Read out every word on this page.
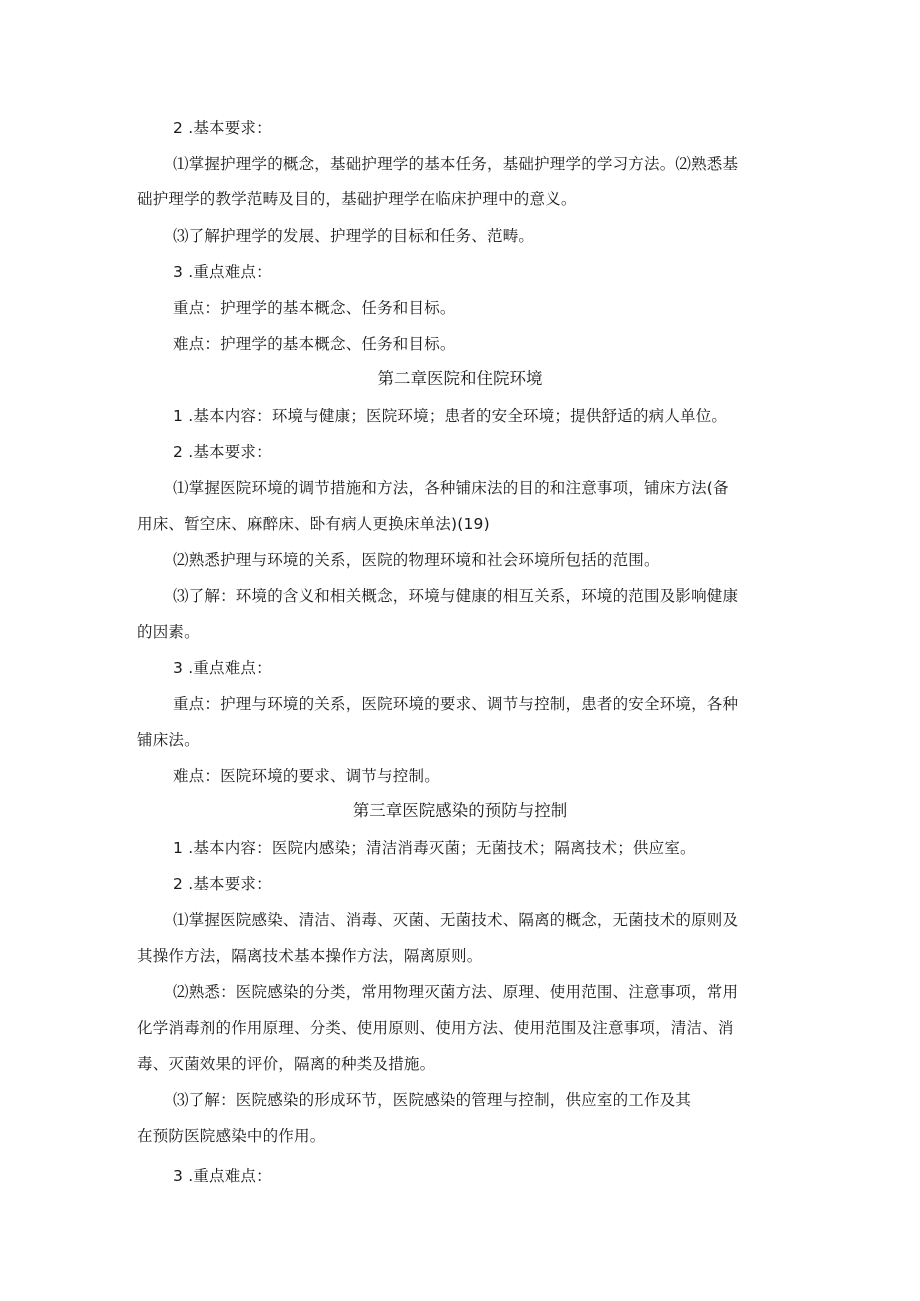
2 .基本要求：
⑴掌握护理学的概念，基础护理学的基本任务，基础护理学的学习方法。⑵熟悉基
础护理学的教学范畴及目的，基础护理学在临床护理中的意义。
⑶了解护理学的发展、护理学的目标和任务、范畴。
3 .重点难点：
重点：护理学的基本概念、任务和目标。
难点：护理学的基本概念、任务和目标。
第二章医院和住院环境
1 .基本内容：环境与健康；医院环境；患者的安全环境；提供舒适的病人单位。
2 .基本要求：
⑴掌握医院环境的调节措施和方法，各种铺床法的目的和注意事项，铺床方法(备
用床、暂空床、麻醉床、卧有病人更换床单法)(19)
⑵熟悉护理与环境的关系，医院的物理环境和社会环境所包括的范围。
⑶了解：环境的含义和相关概念，环境与健康的相互关系，环境的范围及影响健康
的因素。
3 .重点难点：
重点：护理与环境的关系，医院环境的要求、调节与控制，患者的安全环境，各种
铺床法。
难点：医院环境的要求、调节与控制。
第三章医院感染的预防与控制
1 .基本内容：医院内感染；清洁消毒灭菌；无菌技术；隔离技术；供应室。
2 .基本要求：
⑴掌握医院感染、清洁、消毒、灭菌、无菌技术、隔离的概念，无菌技术的原则及
其操作方法，隔离技术基本操作方法，隔离原则。
⑵熟悉：医院感染的分类，常用物理灭菌方法、原理、使用范围、注意事项，常用
化学消毒剂的作用原理、分类、使用原则、使用方法、使用范围及注意事项，清洁、消
毒、灭菌效果的评价，隔离的种类及措施。
⑶了解：医院感染的形成环节，医院感染的管理与控制，供应室的工作及其
在预防医院感染中的作用。
3 .重点难点：
